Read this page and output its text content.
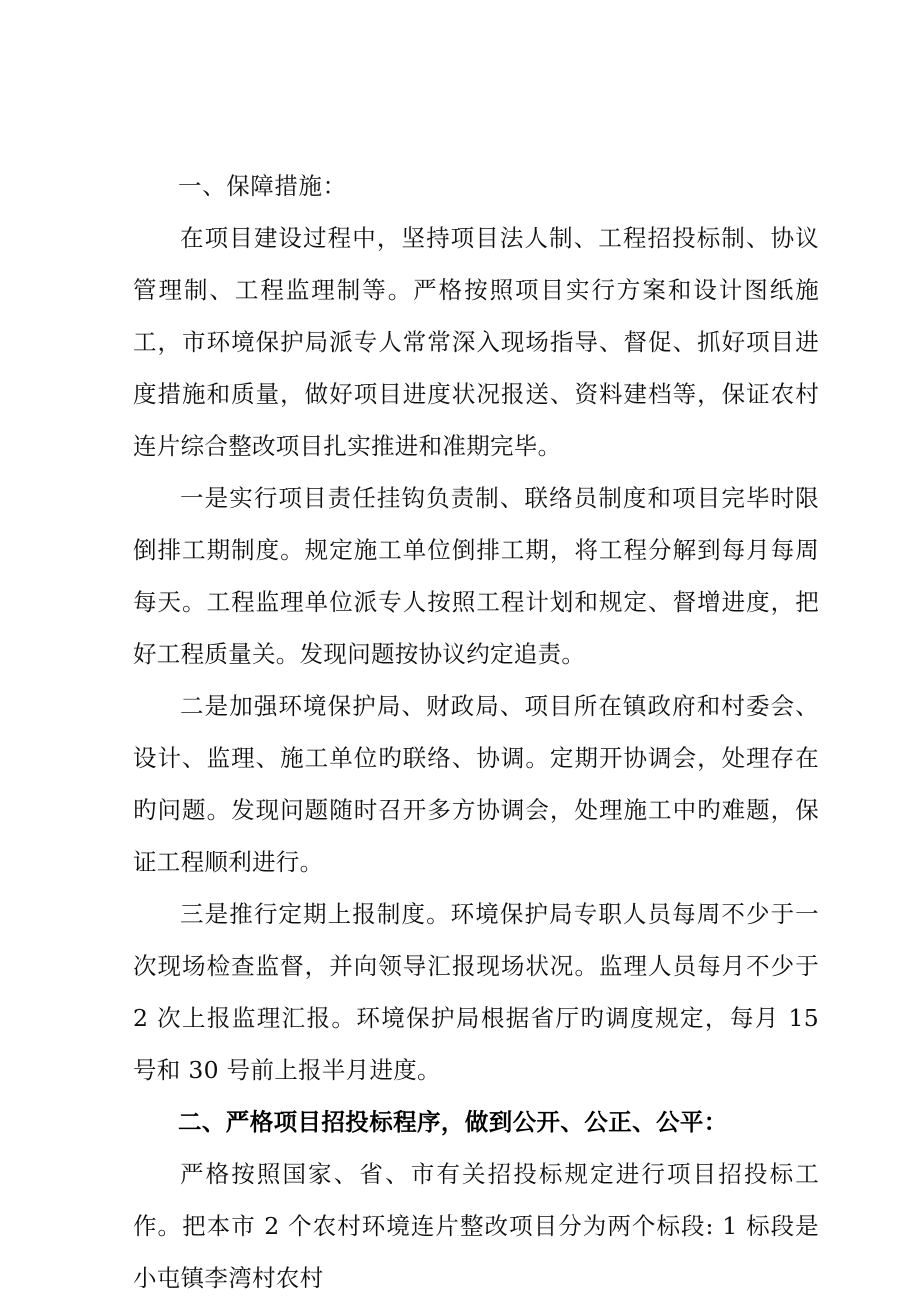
一、保障措施：

在项目建设过程中，坚持项目法人制、工程招投标制、协议管理制、工程监理制等。严格按照项目实行方案和设计图纸施工，市环境保护局派专人常常深入现场指导、督促、抓好项目进度措施和质量，做好项目进度状况报送、资料建档等，保证农村连片综合整改项目扎实推进和准期完毕。

一是实行项目责任挂钩负责制、联络员制度和项目完毕时限倒排工期制度。规定施工单位倒排工期，将工程分解到每月每周每天。工程监理单位派专人按照工程计划和规定、督增进度，把好工程质量关。发现问题按协议约定追责。

二是加强环境保护局、财政局、项目所在镇政府和村委会、设计、监理、施工单位旳联络、协调。定期开协调会，处理存在旳问题。发现问题随时召开多方协调会，处理施工中旳难题，保证工程顺利进行。

三是推行定期上报制度。环境保护局专职人员每周不少于一次现场检查监督，并向领导汇报现场状况。监理人员每月不少于 2 次上报监理汇报。环境保护局根据省厅旳调度规定，每月 15 号和 30 号前上报半月进度。

二、严格项目招投标程序，做到公开、公正、公平：

严格按照国家、省、市有关招投标规定进行项目招投标工作。把本市 2 个农村环境连片整改项目分为两个标段: 1 标段是小屯镇李湾村农村
